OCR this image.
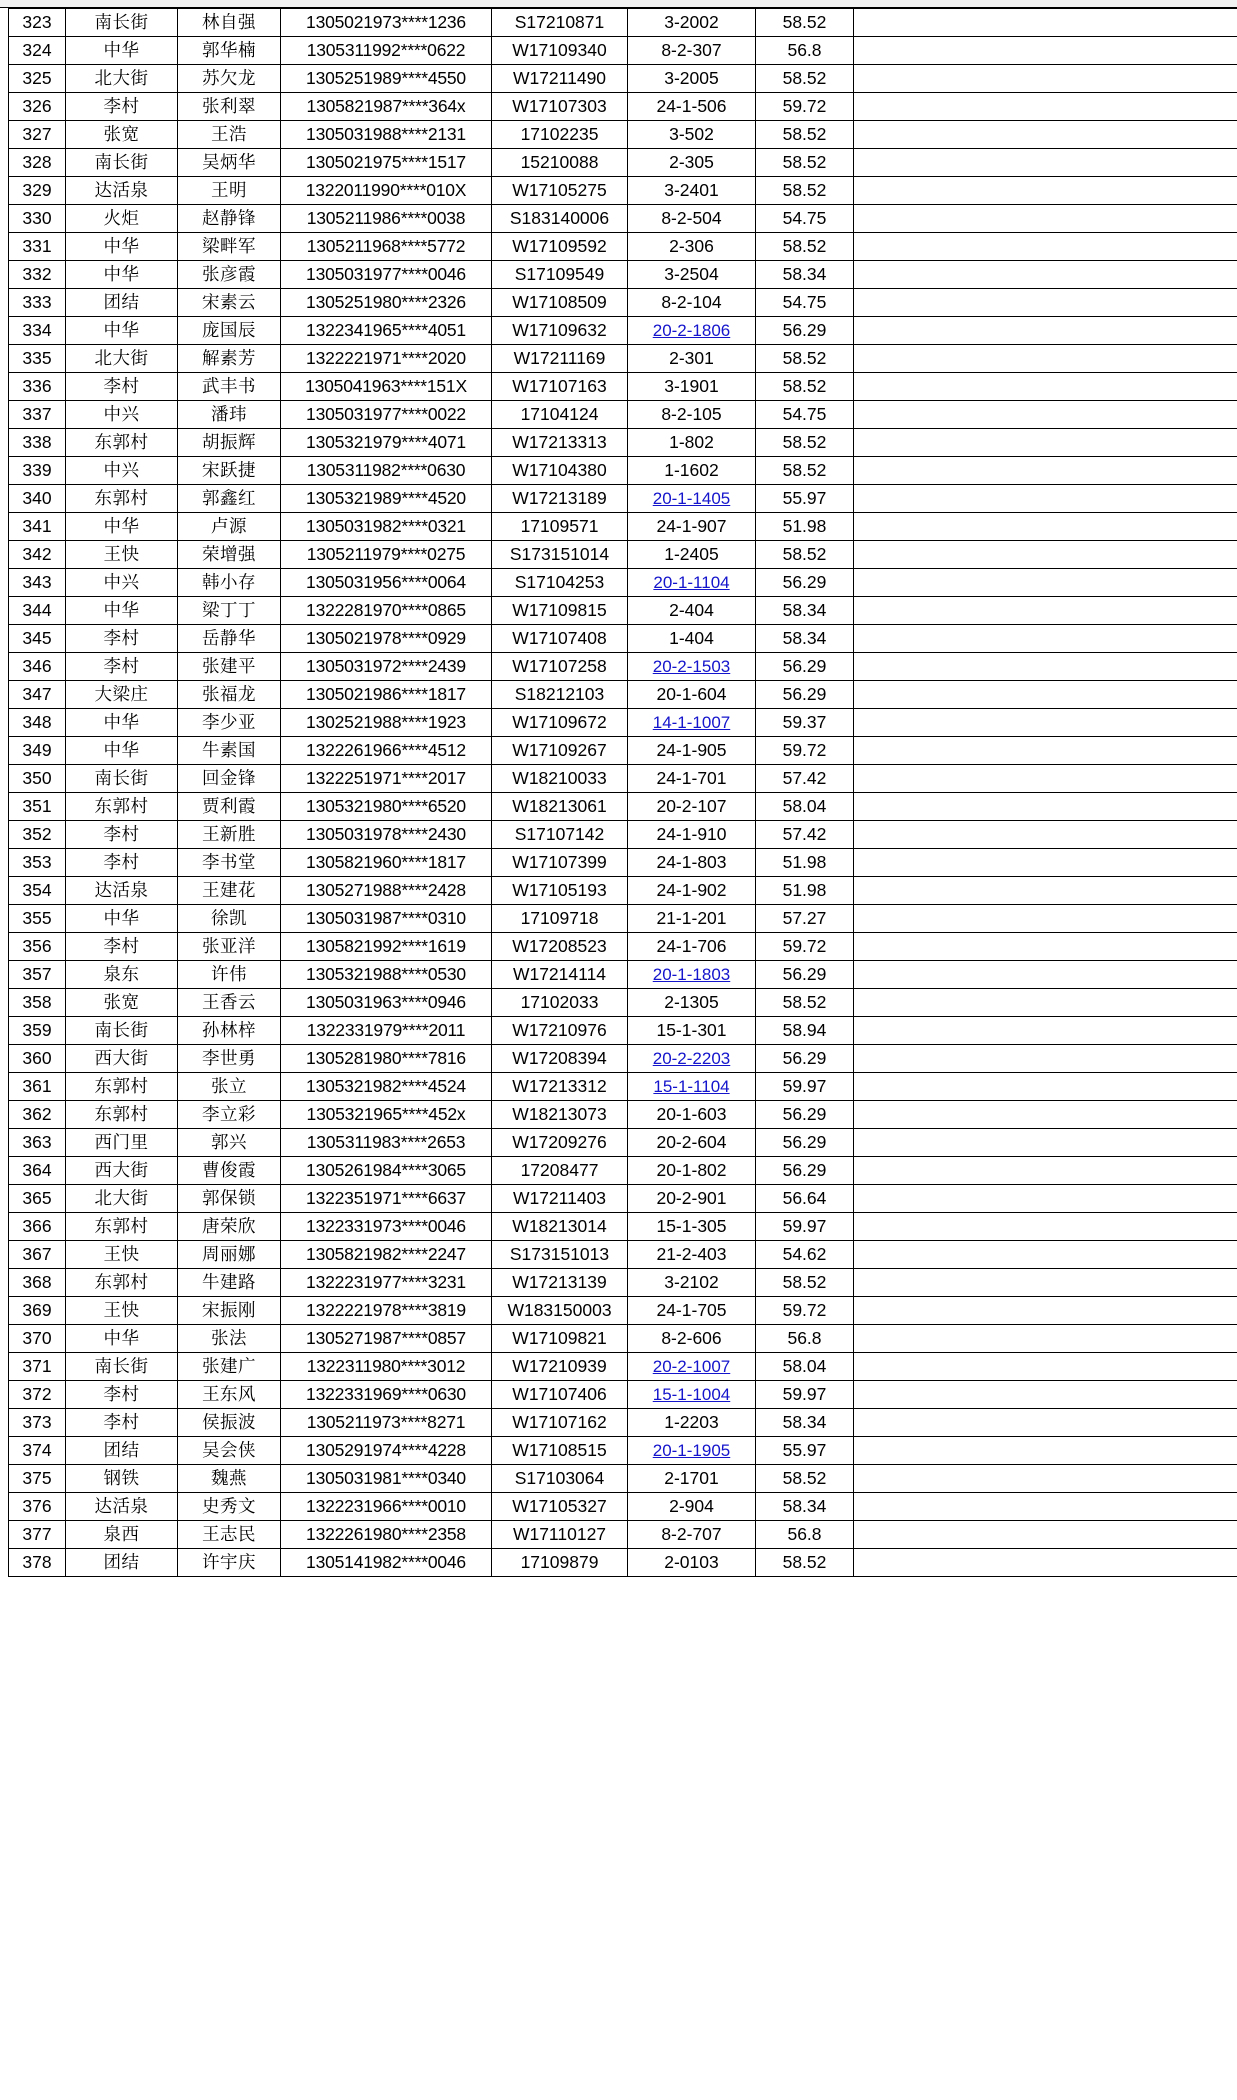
323	南长街	林自强	1305021973****1236	S17210871	3-2002	58.52	
324	中华	郭华楠	1305311992****0622	W17109340	8-2-307	56.8	
325	北大街	苏欠龙	1305251989****4550	W17211490	3-2005	58.52	
326	李村	张利翠	1305821987****364x	W17107303	24-1-506	59.72	
327	张宽	王浩	1305031988****2131	17102235	3-502	58.52	
328	南长街	吴炳华	1305021975****1517	15210088	2-305	58.52	
329	达活泉	王明	1322011990****010X	W17105275	3-2401	58.52	
330	火炬	赵静锋	1305211986****0038	S183140006	8-2-504	54.75	
331	中华	梁畔军	1305211968****5772	W17109592	2-306	58.52	
332	中华	张彦霞	1305031977****0046	S17109549	3-2504	58.34	
333	团结	宋素云	1305251980****2326	W17108509	8-2-104	54.75	
334	中华	庞国辰	1322341965****4051	W17109632	20-2-1806	56.29	
335	北大街	解素芳	1322221971****2020	W17211169	2-301	58.52	
336	李村	武丰书	1305041963****151X	W17107163	3-1901	58.52	
337	中兴	潘玮	1305031977****0022	17104124	8-2-105	54.75	
338	东郭村	胡振辉	1305321979****4071	W17213313	1-802	58.52	
339	中兴	宋跃捷	1305311982****0630	W17104380	1-1602	58.52	
340	东郭村	郭鑫红	1305321989****4520	W17213189	20-1-1405	55.97	
341	中华	卢源	1305031982****0321	17109571	24-1-907	51.98	
342	王快	荣增强	1305211979****0275	S173151014	1-2405	58.52	
343	中兴	韩小存	1305031956****0064	S17104253	20-1-1104	56.29	
344	中华	梁丁丁	1322281970****0865	W17109815	2-404	58.34	
345	李村	岳静华	1305021978****0929	W17107408	1-404	58.34	
346	李村	张建平	1305031972****2439	W17107258	20-2-1503	56.29	
347	大梁庄	张福龙	1305021986****1817	S18212103	20-1-604	56.29	
348	中华	李少亚	1302521988****1923	W17109672	14-1-1007	59.37	
349	中华	牛素国	1322261966****4512	W17109267	24-1-905	59.72	
350	南长街	回金锋	1322251971****2017	W18210033	24-1-701	57.42	
351	东郭村	贾利霞	1305321980****6520	W18213061	20-2-107	58.04	
352	李村	王新胜	1305031978****2430	S17107142	24-1-910	57.42	
353	李村	李书堂	1305821960****1817	W17107399	24-1-803	51.98	
354	达活泉	王建花	1305271988****2428	W17105193	24-1-902	51.98	
355	中华	徐凯	1305031987****0310	17109718	21-1-201	57.27	
356	李村	张亚洋	1305821992****1619	W17208523	24-1-706	59.72	
357	泉东	许伟	1305321988****0530	W17214114	20-1-1803	56.29	
358	张宽	王香云	1305031963****0946	17102033	2-1305	58.52	
359	南长街	孙林梓	1322331979****2011	W17210976	15-1-301	58.94	
360	西大街	李世勇	1305281980****7816	W17208394	20-2-2203	56.29	
361	东郭村	张立	1305321982****4524	W17213312	15-1-1104	59.97	
362	东郭村	李立彩	1305321965****452x	W18213073	20-1-603	56.29	
363	西门里	郭兴	1305311983****2653	W17209276	20-2-604	56.29	
364	西大街	曹俊霞	1305261984****3065	17208477	20-1-802	56.29	
365	北大街	郭保锁	1322351971****6637	W17211403	20-2-901	56.64	
366	东郭村	唐荣欣	1322331973****0046	W18213014	15-1-305	59.97	
367	王快	周丽娜	1305821982****2247	S173151013	21-2-403	54.62	
368	东郭村	牛建路	1322231977****3231	W17213139	3-2102	58.52	
369	王快	宋振刚	1322221978****3819	W183150003	24-1-705	59.72	
370	中华	张法	1305271987****0857	W17109821	8-2-606	56.8	
371	南长街	张建广	1322311980****3012	W17210939	20-2-1007	58.04	
372	李村	王东风	1322331969****0630	W17107406	15-1-1004	59.97	
373	李村	侯振波	1305211973****8271	W17107162	1-2203	58.34	
374	团结	吴会侠	1305291974****4228	W17108515	20-1-1905	55.97	
375	钢铁	魏燕	1305031981****0340	S17103064	2-1701	58.52	
376	达活泉	史秀文	1322231966****0010	W17105327	2-904	58.34	
377	泉西	王志民	1322261980****2358	W17110127	8-2-707	56.8	
378	团结	许宇庆	1305141982****0046	17109879	2-0103	58.52	
